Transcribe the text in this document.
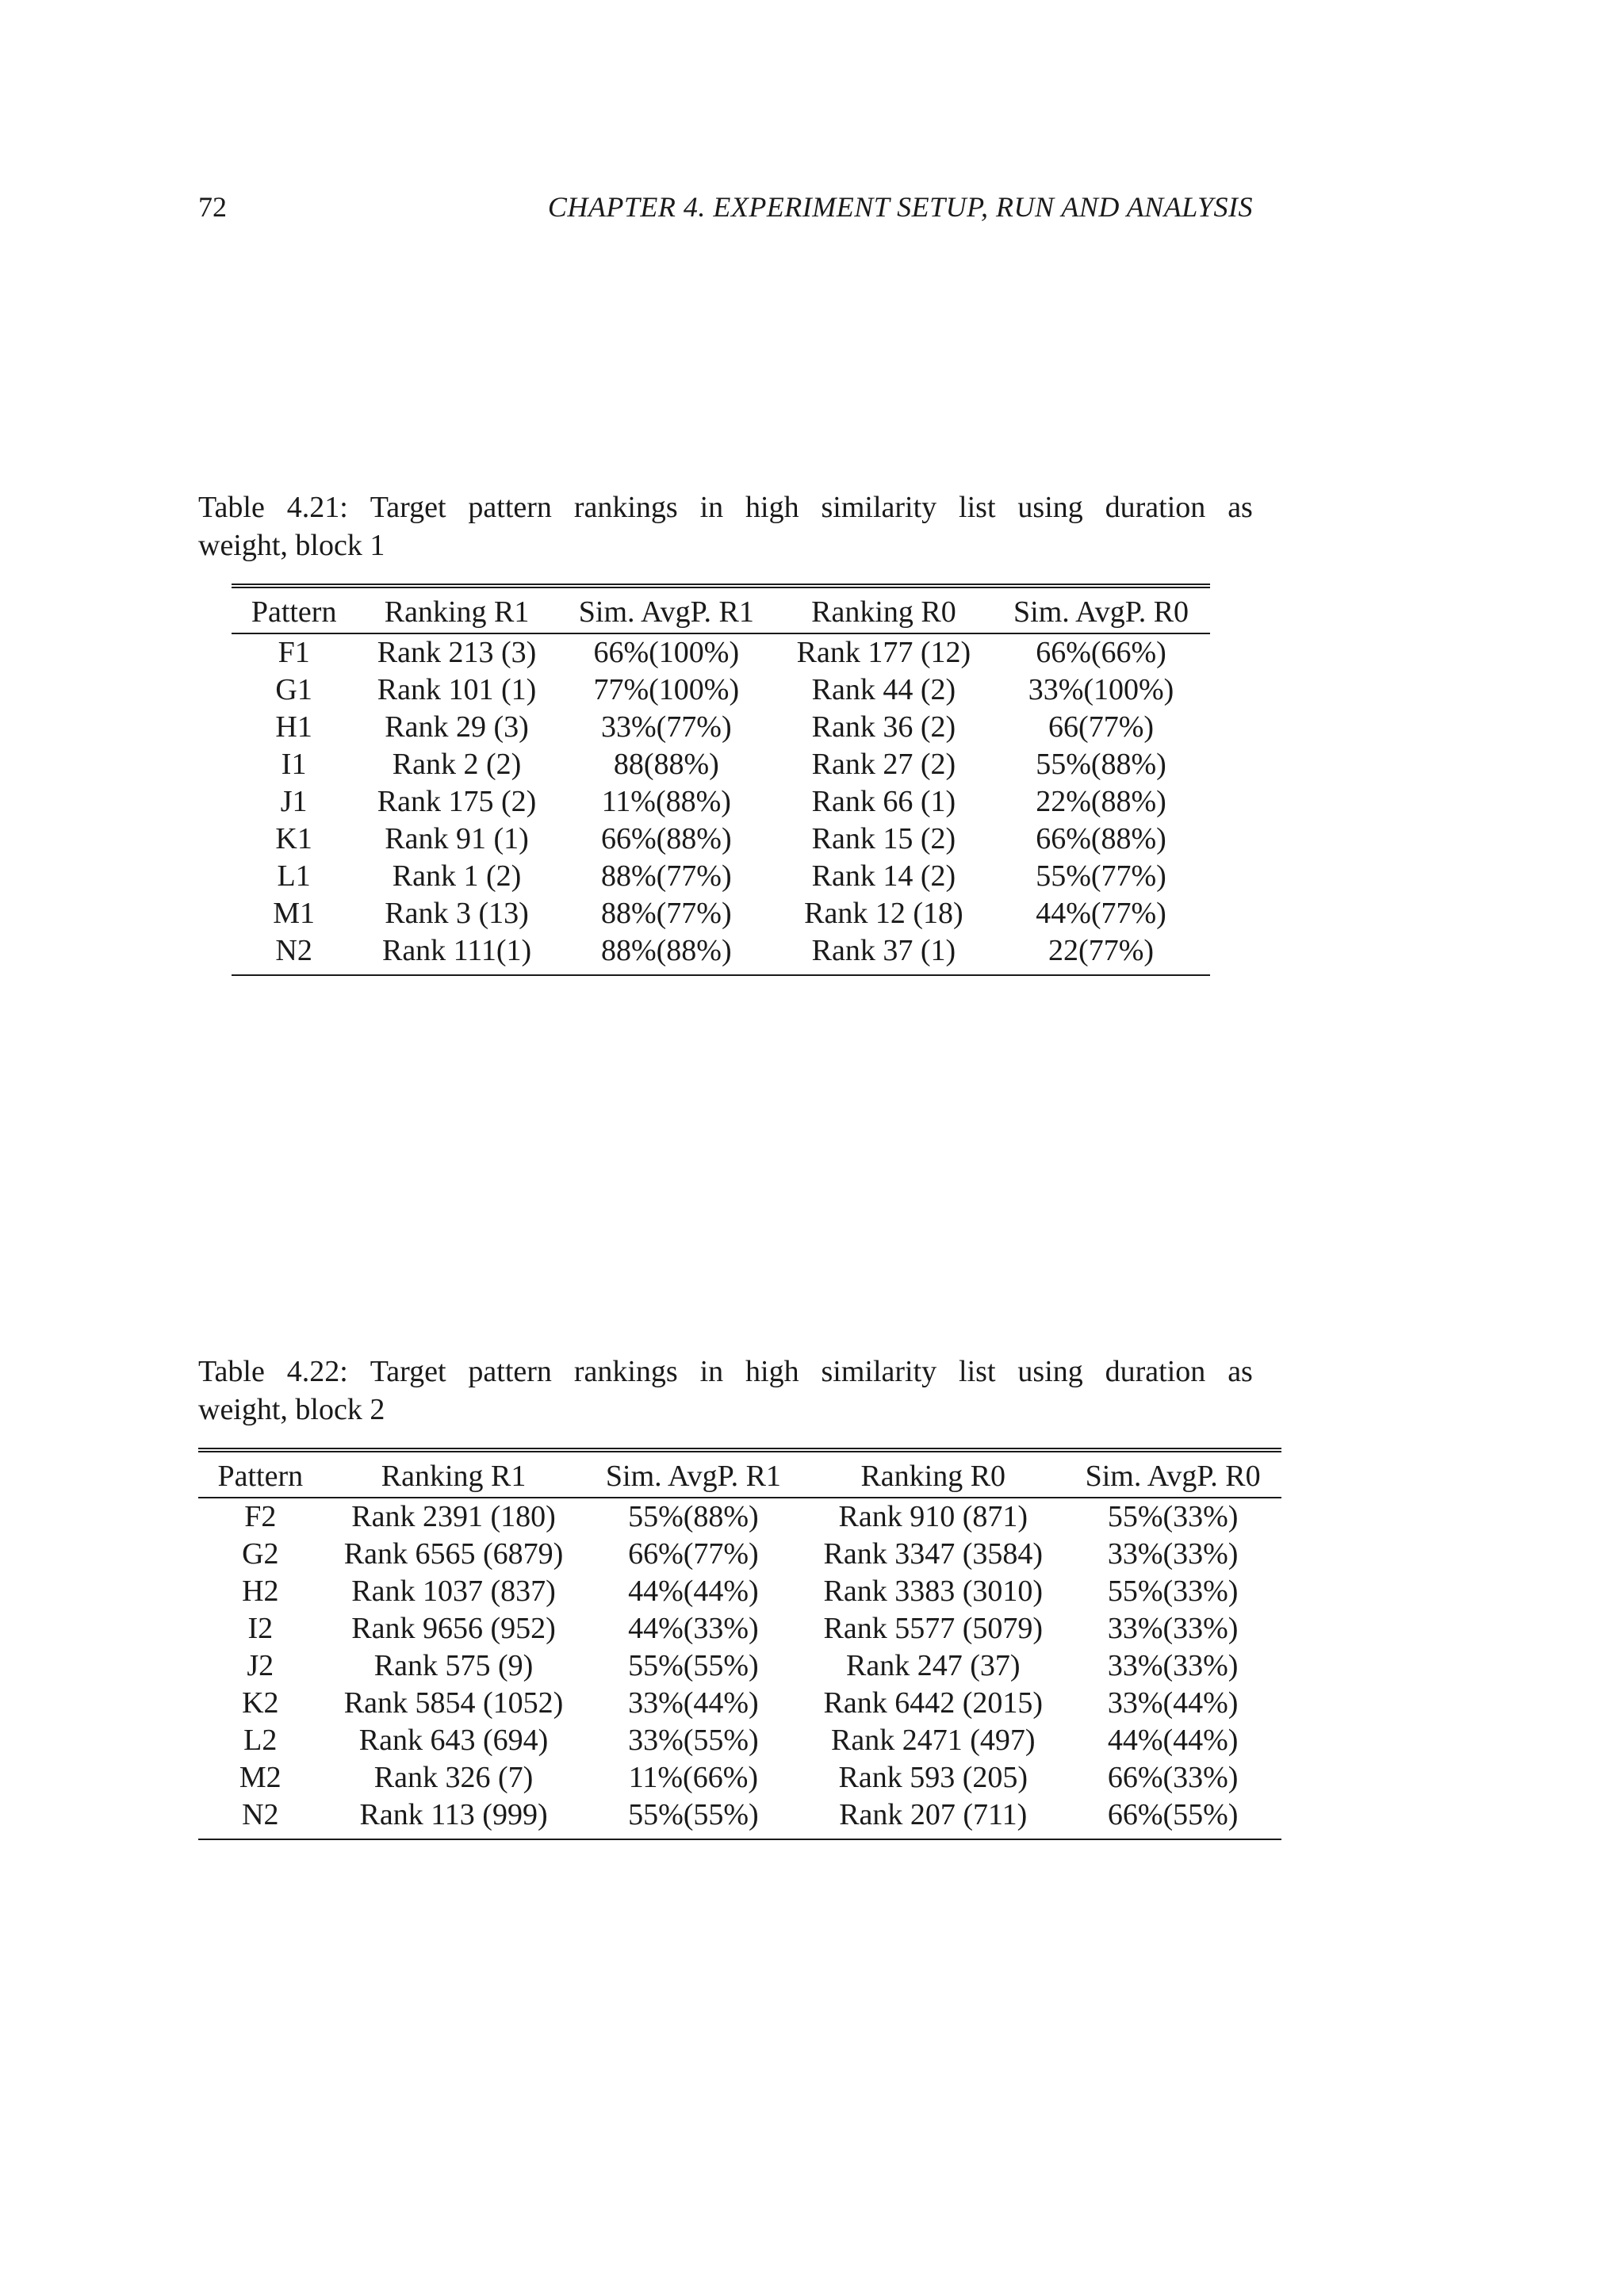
72	CHAPTER 4. EXPERIMENT SETUP, RUN AND ANALYSIS
Table 4.21: Target pattern rankings in high similarity list using duration as
weight, block 1
Pattern	Ranking R1	Sim. AvgP. R1	Ranking R0	Sim. AvgP. R0
F1	Rank 213 (3)	66%(100%)	Rank 177 (12)	66%(66%)
G1	Rank 101 (1)	77%(100%)	Rank 44 (2)	33%(100%)
H1	Rank 29 (3)	33%(77%)	Rank 36 (2)	66(77%)
I1	Rank 2 (2)	88(88%)	Rank 27 (2)	55%(88%)
J1	Rank 175 (2)	11%(88%)	Rank 66 (1)	22%(88%)
K1	Rank 91 (1)	66%(88%)	Rank 15 (2)	66%(88%)
L1	Rank 1 (2)	88%(77%)	Rank 14 (2)	55%(77%)
M1	Rank 3 (13)	88%(77%)	Rank 12 (18)	44%(77%)
N2	Rank 111(1)	88%(88%)	Rank 37 (1)	22(77%)
Table 4.22: Target pattern rankings in high similarity list using duration as
weight, block 2
Pattern	Ranking R1	Sim. AvgP. R1	Ranking R0	Sim. AvgP. R0
F2	Rank 2391 (180)	55%(88%)	Rank 910 (871)	55%(33%)
G2	Rank 6565 (6879)	66%(77%)	Rank 3347 (3584)	33%(33%)
H2	Rank 1037 (837)	44%(44%)	Rank 3383 (3010)	55%(33%)
I2	Rank 9656 (952)	44%(33%)	Rank 5577 (5079)	33%(33%)
J2	Rank 575 (9)	55%(55%)	Rank 247 (37)	33%(33%)
K2	Rank 5854 (1052)	33%(44%)	Rank 6442 (2015)	33%(44%)
L2	Rank 643 (694)	33%(55%)	Rank 2471 (497)	44%(44%)
M2	Rank 326 (7)	11%(66%)	Rank 593 (205)	66%(33%)
N2	Rank 113 (999)	55%(55%)	Rank 207 (711)	66%(55%)
